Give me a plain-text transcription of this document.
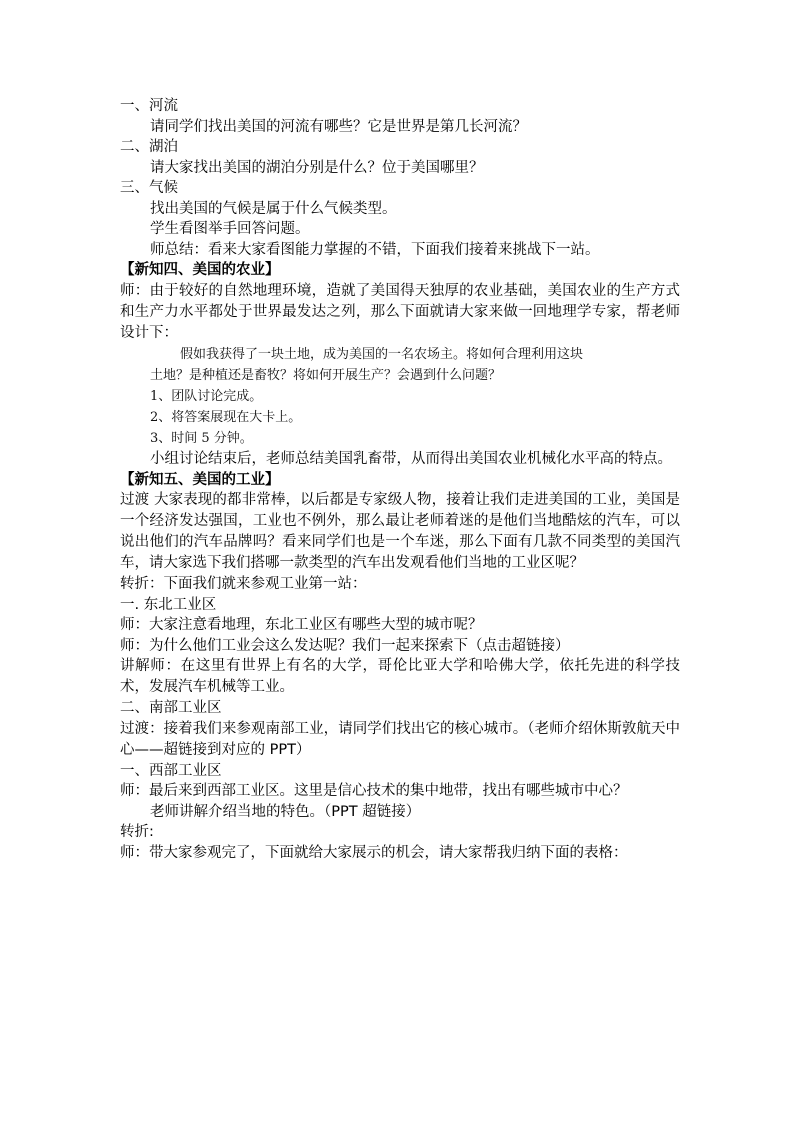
一、河流

请同学们找出美国的河流有哪些？它是世界是第几长河流？

二、湖泊

请大家找出美国的湖泊分别是什么？位于美国哪里？

三、气候

找出美国的气候是属于什么气候类型。

学生看图举手回答问题。

师总结：看来大家看图能力掌握的不错，下面我们接着来挑战下一站。

【新知四、美国的农业】

师：由于较好的自然地理环境，造就了美国得天独厚的农业基础，美国农业的生产方式和生产力水平都处于世界最发达之列，那么下面就请大家来做一回地理学专家，帮老师设计下：

假如我获得了一块土地，成为美国的一名农场主。将如何合理利用这块

土地？是种植还是畜牧？将如何开展生产？会遇到什么问题？

1、团队讨论完成。

2、将答案展现在大卡上。

3、时间 5 分钟。

小组讨论结束后，老师总结美国乳畜带，从而得出美国农业机械化水平高的特点。

【新知五、美国的工业】

过渡 大家表现的都非常棒，以后都是专家级人物，接着让我们走进美国的工业，美国是一个经济发达强国，工业也不例外，那么最让老师着迷的是他们当地酷炫的汽车，可以说出他们的汽车品牌吗？看来同学们也是一个车迷，那么下面有几款不同类型的美国汽车，请大家选下我们搭哪一款类型的汽车出发观看他们当地的工业区呢？

转折：下面我们就来参观工业第一站：

一. 东北工业区

师：大家注意看地理，东北工业区有哪些大型的城市呢？

师：为什么他们工业会这么发达呢？我们一起来探索下（点击超链接）

讲解师：在这里有世界上有名的大学，哥伦比亚大学和哈佛大学，依托先进的科学技术，发展汽车机械等工业。

二、南部工业区

过渡：接着我们来参观南部工业，请同学们找出它的核心城市。（老师介绍休斯敦航天中心——超链接到对应的 PPT）

一、西部工业区

师：最后来到西部工业区。这里是信心技术的集中地带，找出有哪些城市中心？

老师讲解介绍当地的特色。（PPT 超链接）

转折:

师：带大家参观完了，下面就给大家展示的机会，请大家帮我归纳下面的表格：
